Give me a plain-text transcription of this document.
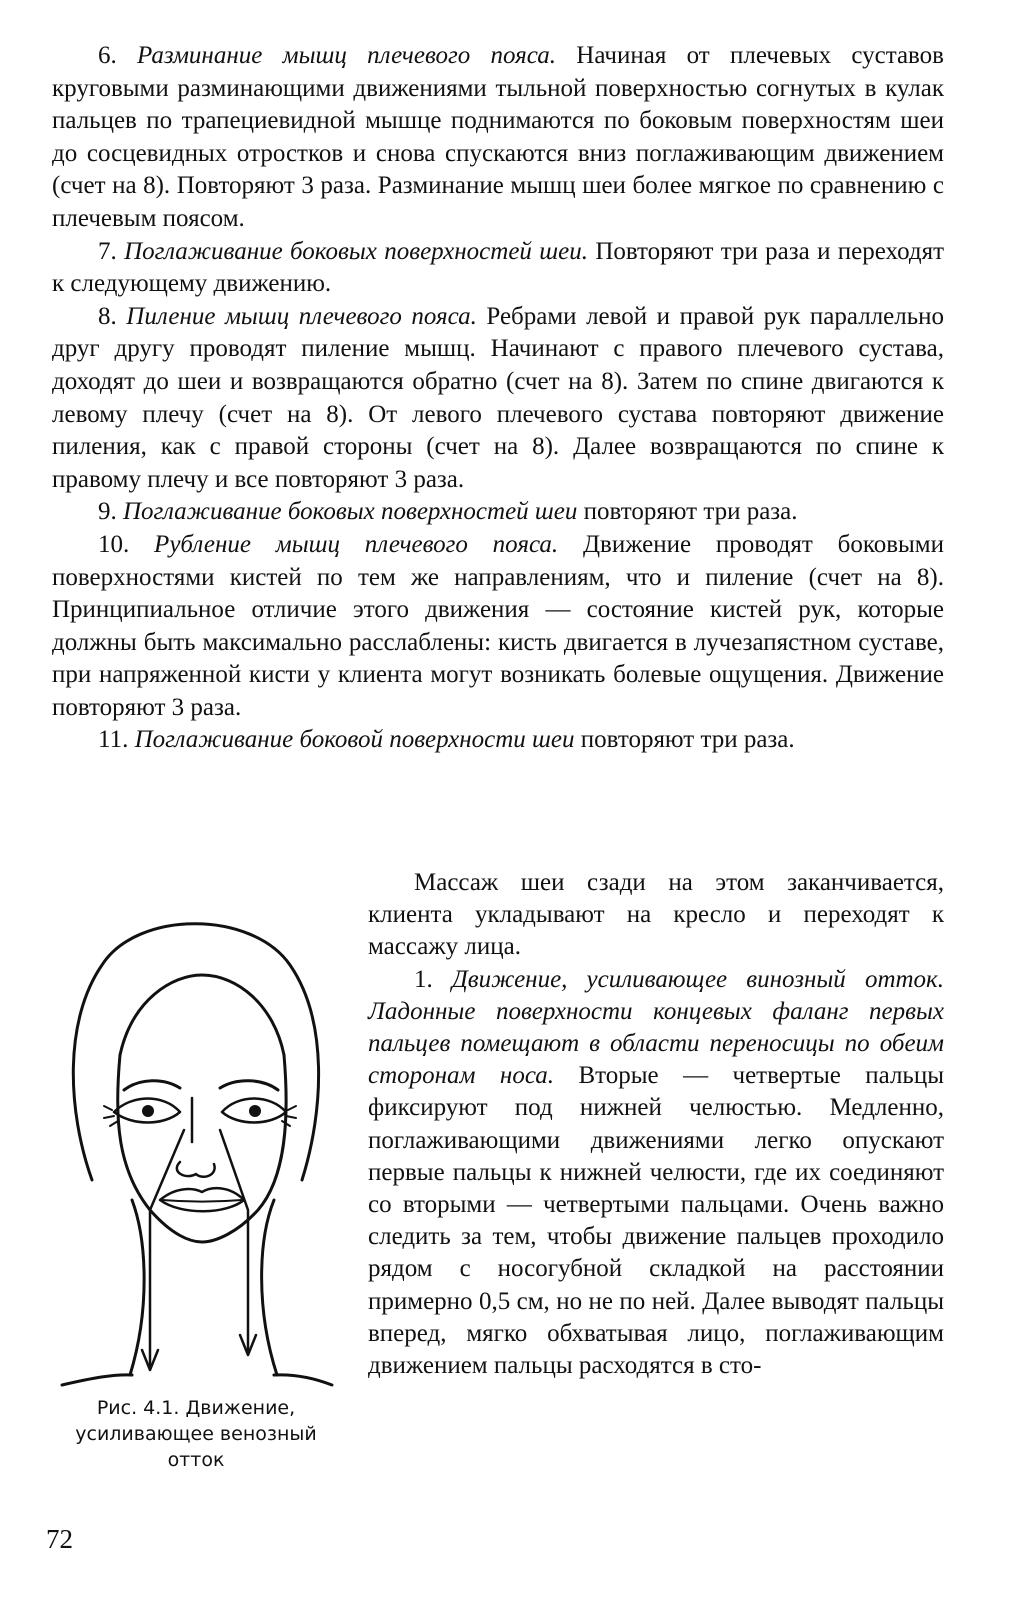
6. Разминание мышц плечевого пояса. Начиная от плечевых суставов круговыми разминающими движениями тыльной поверхностью согнутых в кулак пальцев по трапециевидной мышце поднимаются по боковым поверхностям шеи до сосцевидных отростков и снова спускаются вниз поглаживающим движением (счет на 8). Повторяют 3 раза. Разминание мышц шеи более мягкое по сравнению с плечевым поясом.

7. Поглаживание боковых поверхностей шеи. Повторяют три раза и переходят к следующему движению.

8. Пиление мышц плечевого пояса. Ребрами левой и правой рук параллельно друг другу проводят пиление мышц. Начинают с правого плечевого сустава, доходят до шеи и возвращаются обратно (счет на 8). Затем по спине двигаются к левому плечу (счет на 8). От левого плечевого сустава повторяют движение пиления, как с правой стороны (счет на 8). Далее возвращаются по спине к правому плечу и все повторяют 3 раза.

9. Поглаживание боковых поверхностей шеи повторяют три раза.

10. Рубление мышц плечевого пояса. Движение проводят боковыми поверхностями кистей по тем же направлениям, что и пиление (счет на 8). Принципиальное отличие этого движения — состояние кистей рук, которые должны быть максимально расслаблены: кисть двигается в лучезапястном суставе, при напряженной кисти у клиента могут возникать болевые ощущения. Движение повторяют 3 раза.

11. Поглаживание боковой поверхности шеи повторяют три раза.

Рис. 4.1. Движение, усиливающее венозный отток

Массаж шеи сзади на этом заканчивается, клиента укладывают на кресло и переходят к массажу лица.

1. Движение, усиливающее винозный отток. Ладонные поверхности концевых фаланг первых пальцев помещают в области переносицы по обеим сторонам носа. Вторые — четвертые пальцы фиксируют под нижней челюстью. Медленно, поглаживающими движениями легко опускают первые пальцы к нижней челюсти, где их соединяют со вторыми — четвертыми пальцами. Очень важно следить за тем, чтобы движение пальцев проходило рядом с носогубной складкой на расстоянии примерно 0,5 см, но не по ней. Далее выводят пальцы вперед, мягко обхватывая лицо, поглаживающим движением пальцы расходятся в сто-

72
